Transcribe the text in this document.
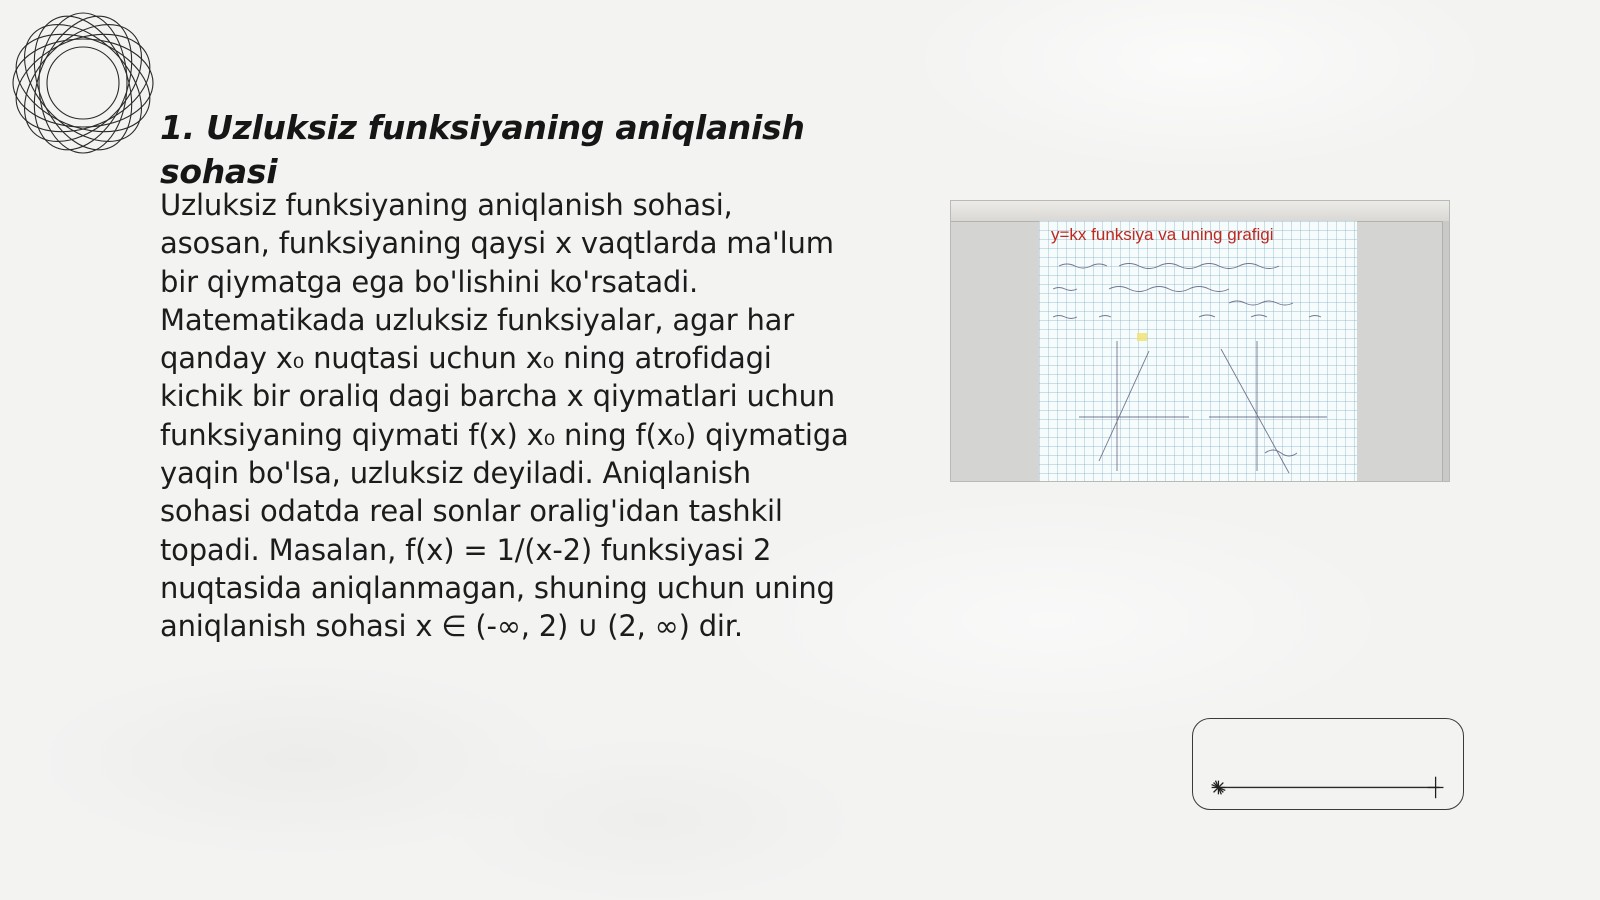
1. Uzluksiz funksiyaning aniqlanish sohasi

Uzluksiz funksiyaning aniqlanish sohasi, asosan, funksiyaning qaysi x vaqtlarda ma'lum bir qiymatga ega bo'lishini ko'rsatadi. Matematikada uzluksiz funksiyalar, agar har qanday x₀ nuqtasi uchun x₀ ning atrofidagi kichik bir oraliq dagi barcha x qiymatlari uchun funksiyaning qiymati f(x) x₀ ning f(x₀) qiymatiga yaqin bo'lsa, uzluksiz deyiladi. Aniqlanish sohasi odatda real sonlar oralig'idan tashkil topadi. Masalan, f(x) = 1/(x-2) funksiyasi 2 nuqtasida aniqlanmagan, shuning uchun uning aniqlanish sohasi x ∈ (-∞, 2) ∪ (2, ∞) dir.

y=kx funksiya va uning grafigi
